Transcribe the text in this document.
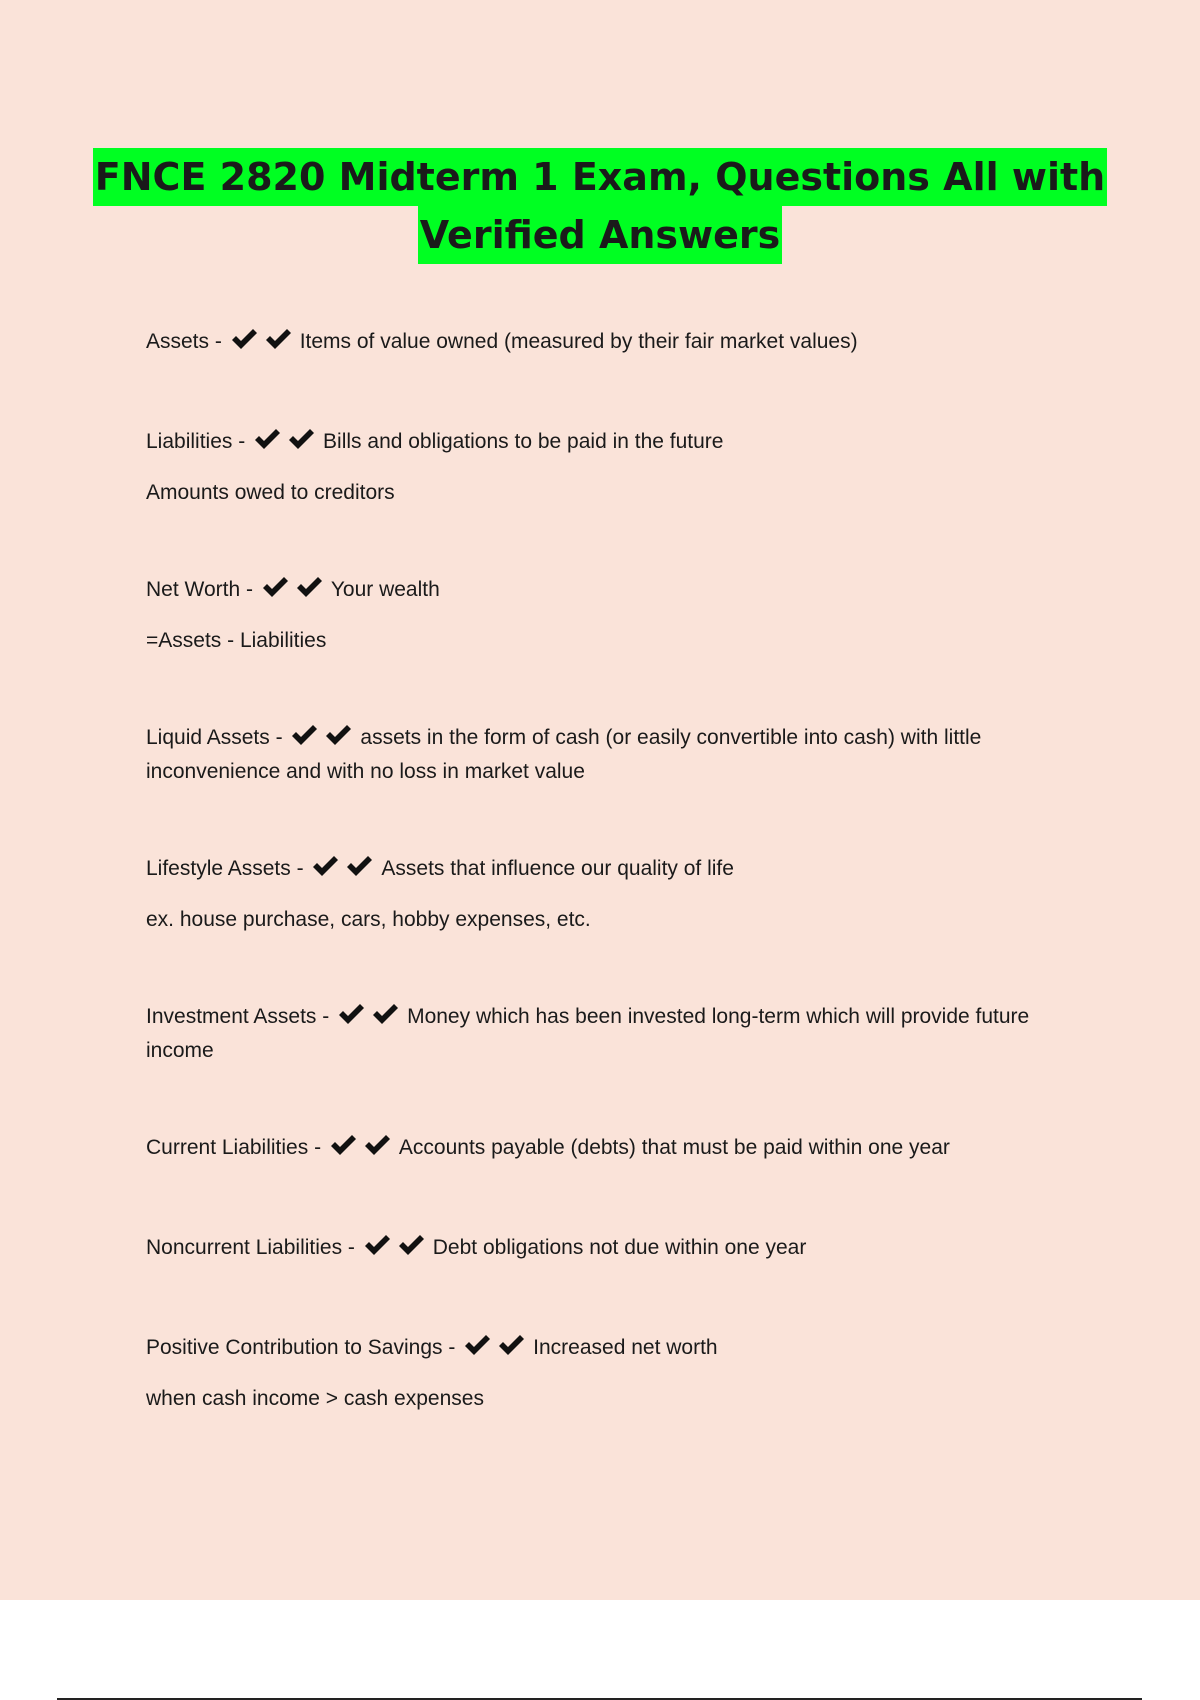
FNCE 2820 Midterm 1 Exam, Questions All with
Verified Answers
Assets -	Items of value owned (measured by their fair market values)
Liabilities -	Bills and obligations to be paid in the future
Amounts owed to creditors
Net Worth -	Your wealth
=Assets - Liabilities
Liquid Assets -	assets in the form of cash (or easily convertible into cash) with little inconvenience and with no loss in market value
Lifestyle Assets -	Assets that influence our quality of life
ex. house purchase, cars, hobby expenses, etc.
Investment Assets -	Money which has been invested long-term which will provide future income
Current Liabilities -	Accounts payable (debts) that must be paid within one year
Noncurrent Liabilities -	Debt obligations not due within one year
Positive Contribution to Savings -	Increased net worth
when cash income > cash expenses
